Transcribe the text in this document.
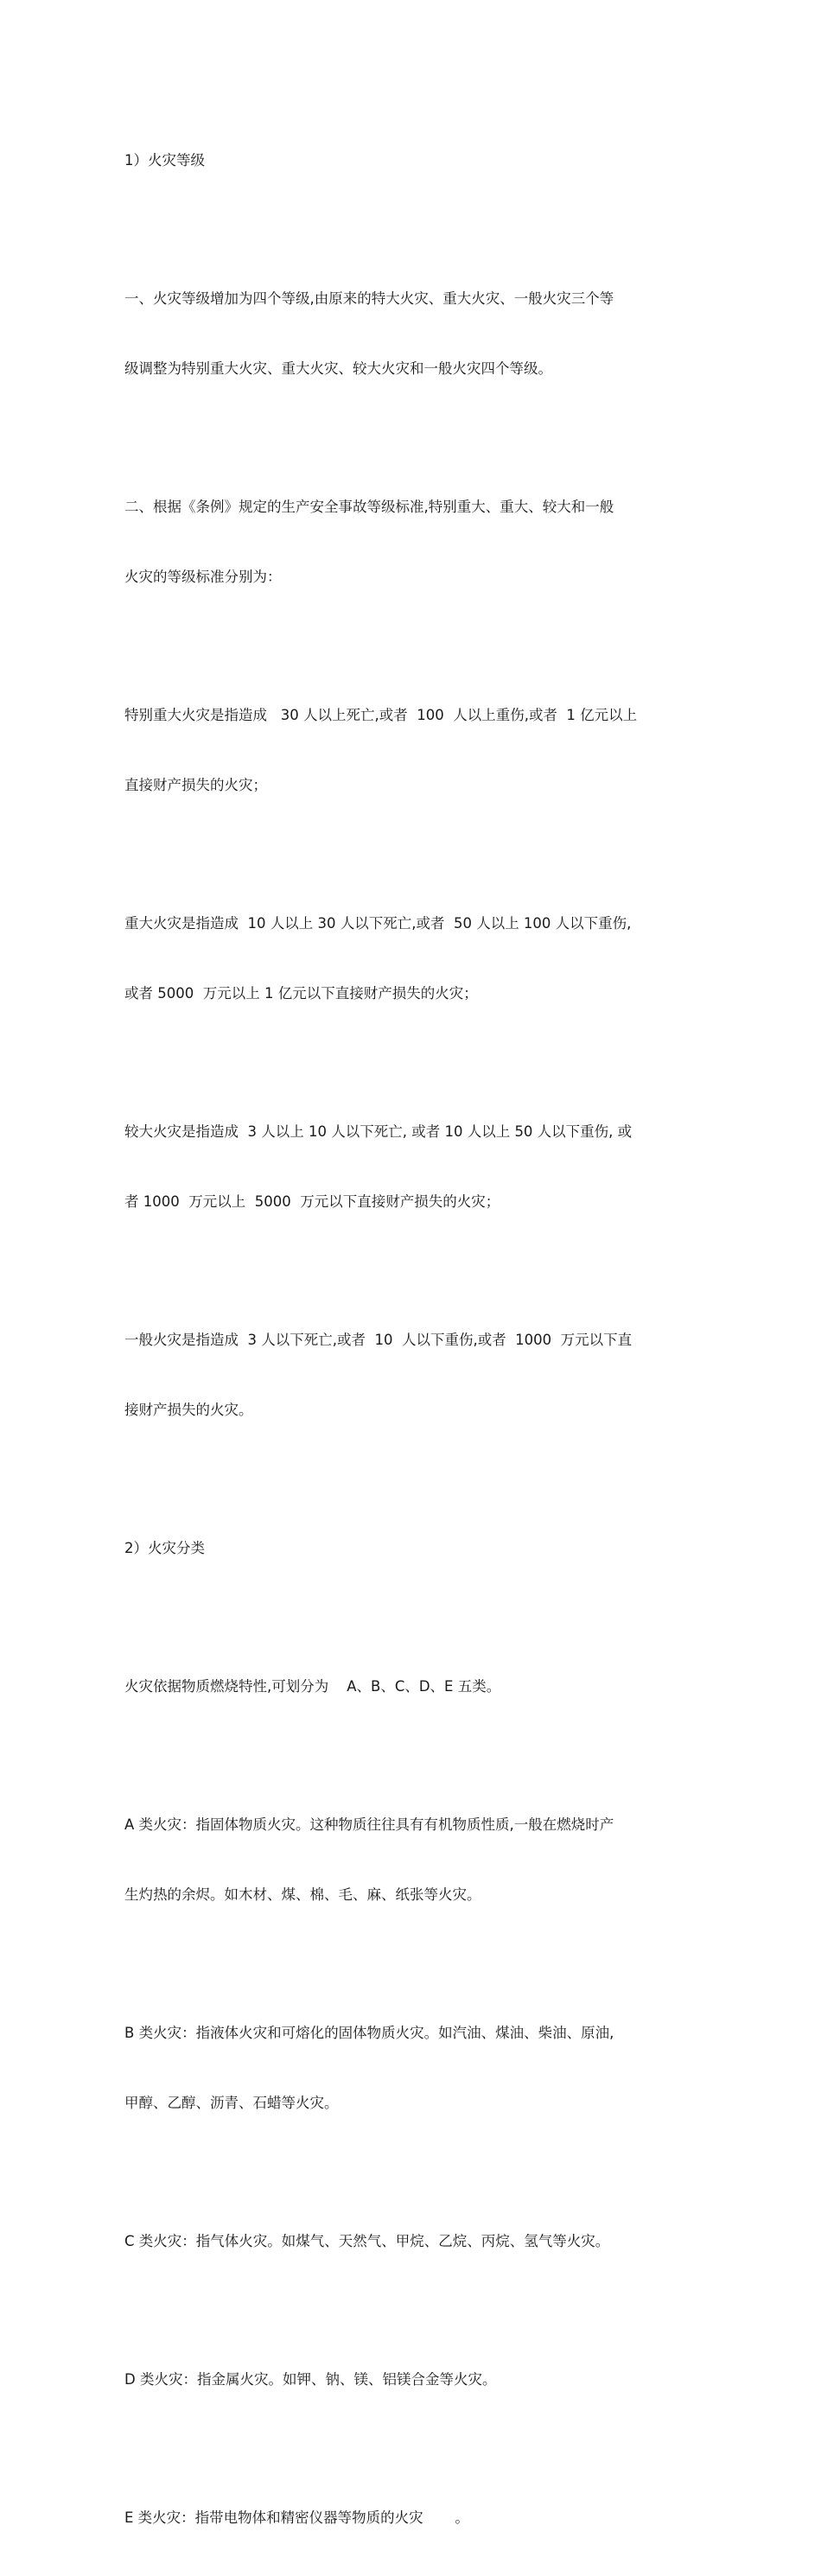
1）火灾等级

一、火灾等级增加为四个等级,由原来的特大火灾、重大火灾、一般火灾三个等

级调整为特别重大火灾、重大火灾、较大火灾和一般火灾四个等级。

二、根据《条例》规定的生产安全事故等级标准,特别重大、重大、较大和一般

火灾的等级标准分别为：

特别重大火灾是指造成   30 人以上死亡,或者  100  人以上重伤,或者  1 亿元以上

直接财产损失的火灾；

重大火灾是指造成  10 人以上 30 人以下死亡,或者  50 人以上 100 人以下重伤,

或者 5000  万元以上 1 亿元以下直接财产损失的火灾；

较大火灾是指造成  3 人以上 10 人以下死亡, 或者 10 人以上 50 人以下重伤, 或

者 1000  万元以上  5000  万元以下直接财产损失的火灾；

一般火灾是指造成  3 人以下死亡,或者  10  人以下重伤,或者  1000  万元以下直

接财产损失的火灾。

2）火灾分类

火灾依据物质燃烧特性,可划分为    A、B、C、D、E 五类。

A 类火灾：指固体物质火灾。这种物质往往具有有机物质性质,一般在燃烧时产

生灼热的余烬。如木材、煤、棉、毛、麻、纸张等火灾。

B 类火灾：指液体火灾和可熔化的固体物质火灾。如汽油、煤油、柴油、原油,

甲醇、乙醇、沥青、石蜡等火灾。

C 类火灾：指气体火灾。如煤气、天然气、甲烷、乙烷、丙烷、氢气等火灾。

D 类火灾：指金属火灾。如钾、钠、镁、铝镁合金等火灾。

E 类火灾：指带电物体和精密仪器等物质的火灾       。
